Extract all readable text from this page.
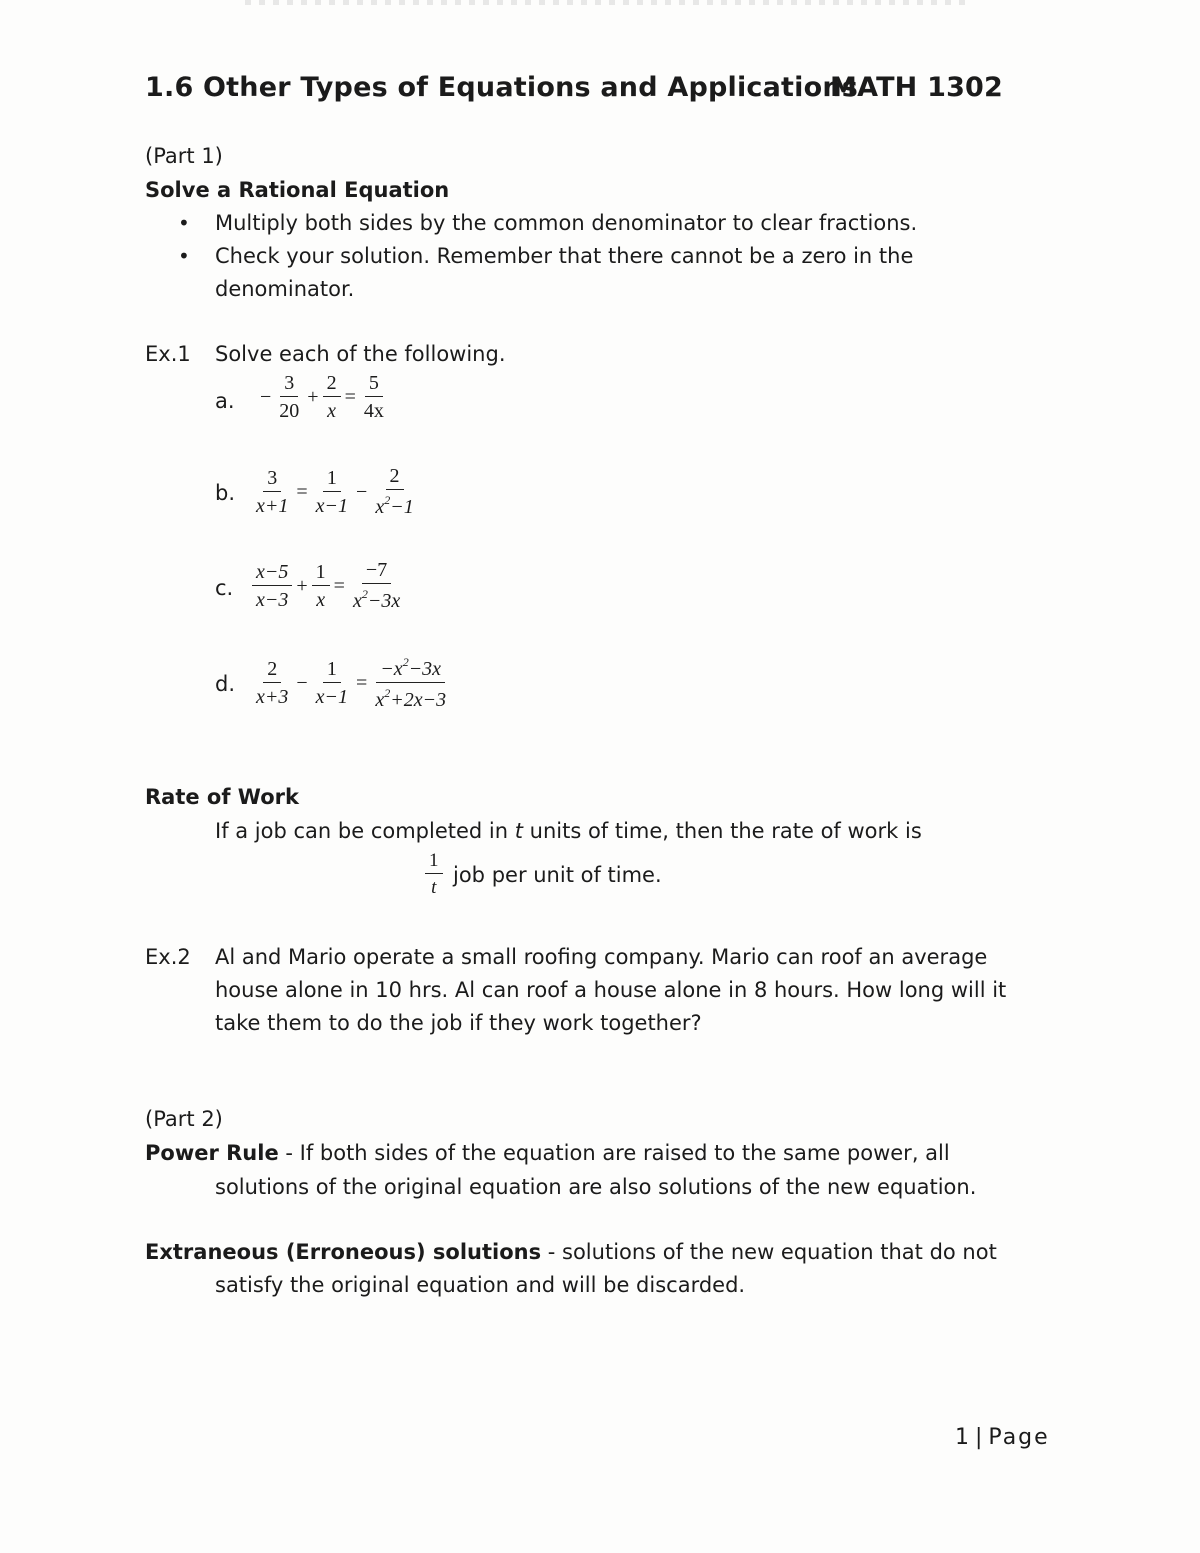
1.6 Other Types of Equations and Applications
MATH 1302
(Part 1)
Solve a Rational Equation
• Multiply both sides by the common denominator to clear fractions.
• Check your solution. Remember that there cannot be a zero in the
denominator.
Ex.1 Solve each of the following.
a. − $\frac{3}{20} + \frac{2}{x} = \frac{5}{4x}$
b. $\frac{3}{x+1} = \frac{1}{x-1} - \frac{2}{x^2-1}$
c. $\frac{x-5}{x-3} + \frac{1}{x} = \frac{-7}{x^2-3x}$
d. $\frac{2}{x+3} - \frac{1}{x-1} = \frac{-x^2-3x}{x^2+2x-3}$
Rate of Work
If a job can be completed in t units of time, then the rate of work is
$\frac{1}{t}$ job per unit of time.
Ex.2 Al and Mario operate a small roofing company. Mario can roof an average
house alone in 10 hrs. Al can roof a house alone in 8 hours. How long will it
take them to do the job if they work together?
(Part 2)
Power Rule - If both sides of the equation are raised to the same power, all
solutions of the original equation are also solutions of the new equation.
Extraneous (Erroneous) solutions - solutions of the new equation that do not
satisfy the original equation and will be discarded.
1 | Page
